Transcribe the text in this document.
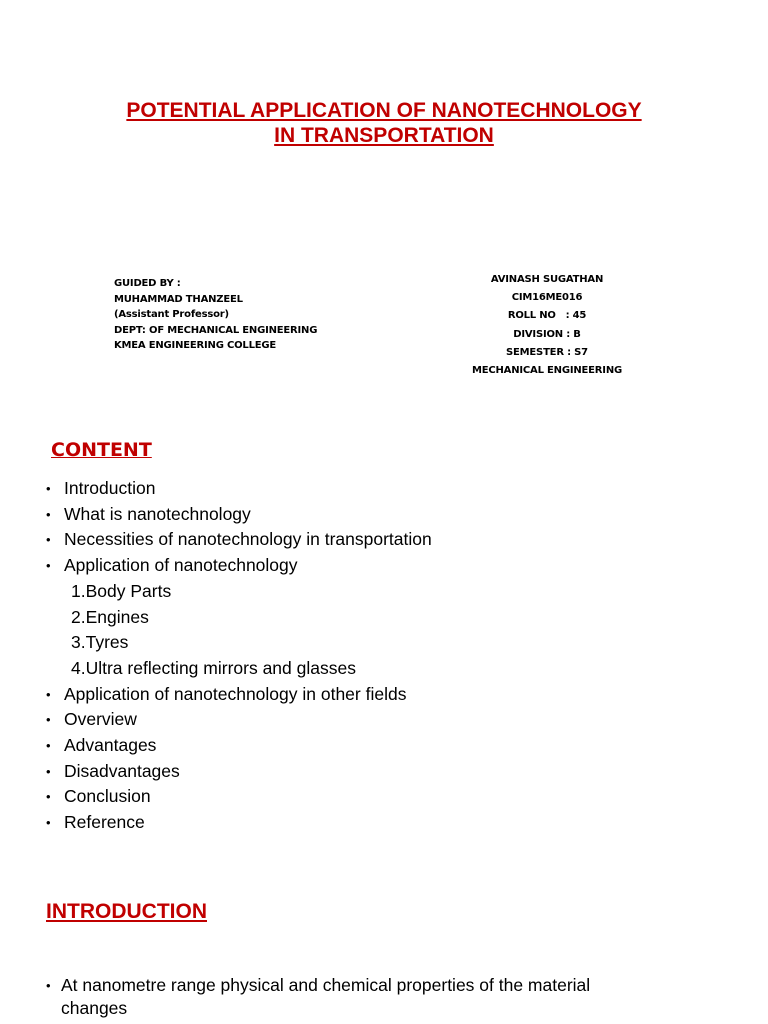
POTENTIAL APPLICATION OF NANOTECHNOLOGY
IN TRANSPORTATION
GUIDED BY :
MUHAMMAD THANZEEL
(Assistant Professor)
DEPT: OF MECHANICAL ENGINEERING
KMEA ENGINEERING COLLEGE
AVINASH SUGATHAN
CIM16ME016
ROLL NO   : 45
DIVISION : B
SEMESTER : S7
MECHANICAL ENGINEERING
CONTENT
• Introduction
• What is nanotechnology
• Necessities of nanotechnology in transportation
• Application of nanotechnology
1.Body Parts
2.Engines
3.Tyres
4.Ultra reflecting mirrors and glasses
• Application of nanotechnology in other fields
• Overview
• Advantages
• Disadvantages
• Conclusion
• Reference
INTRODUCTION
• At nanometre range physical and chemical properties of the material
changes
